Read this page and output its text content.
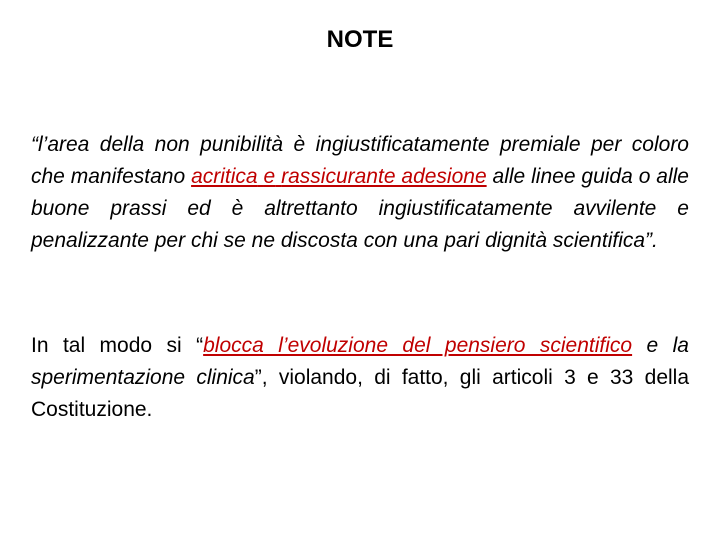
NOTE

“l’area della non punibilità è ingiustificatamente premiale per coloro che manifestano acritica e rassicurante adesione alle linee guida o alle buone prassi ed è altrettanto ingiustificatamente avvilente e penalizzante per chi se ne discosta con una pari dignità scientifica”.

In tal modo si “blocca l’evoluzione del pensiero scientifico e la sperimentazione clinica”, violando, di fatto, gli articoli 3 e 33 della Costituzione.
